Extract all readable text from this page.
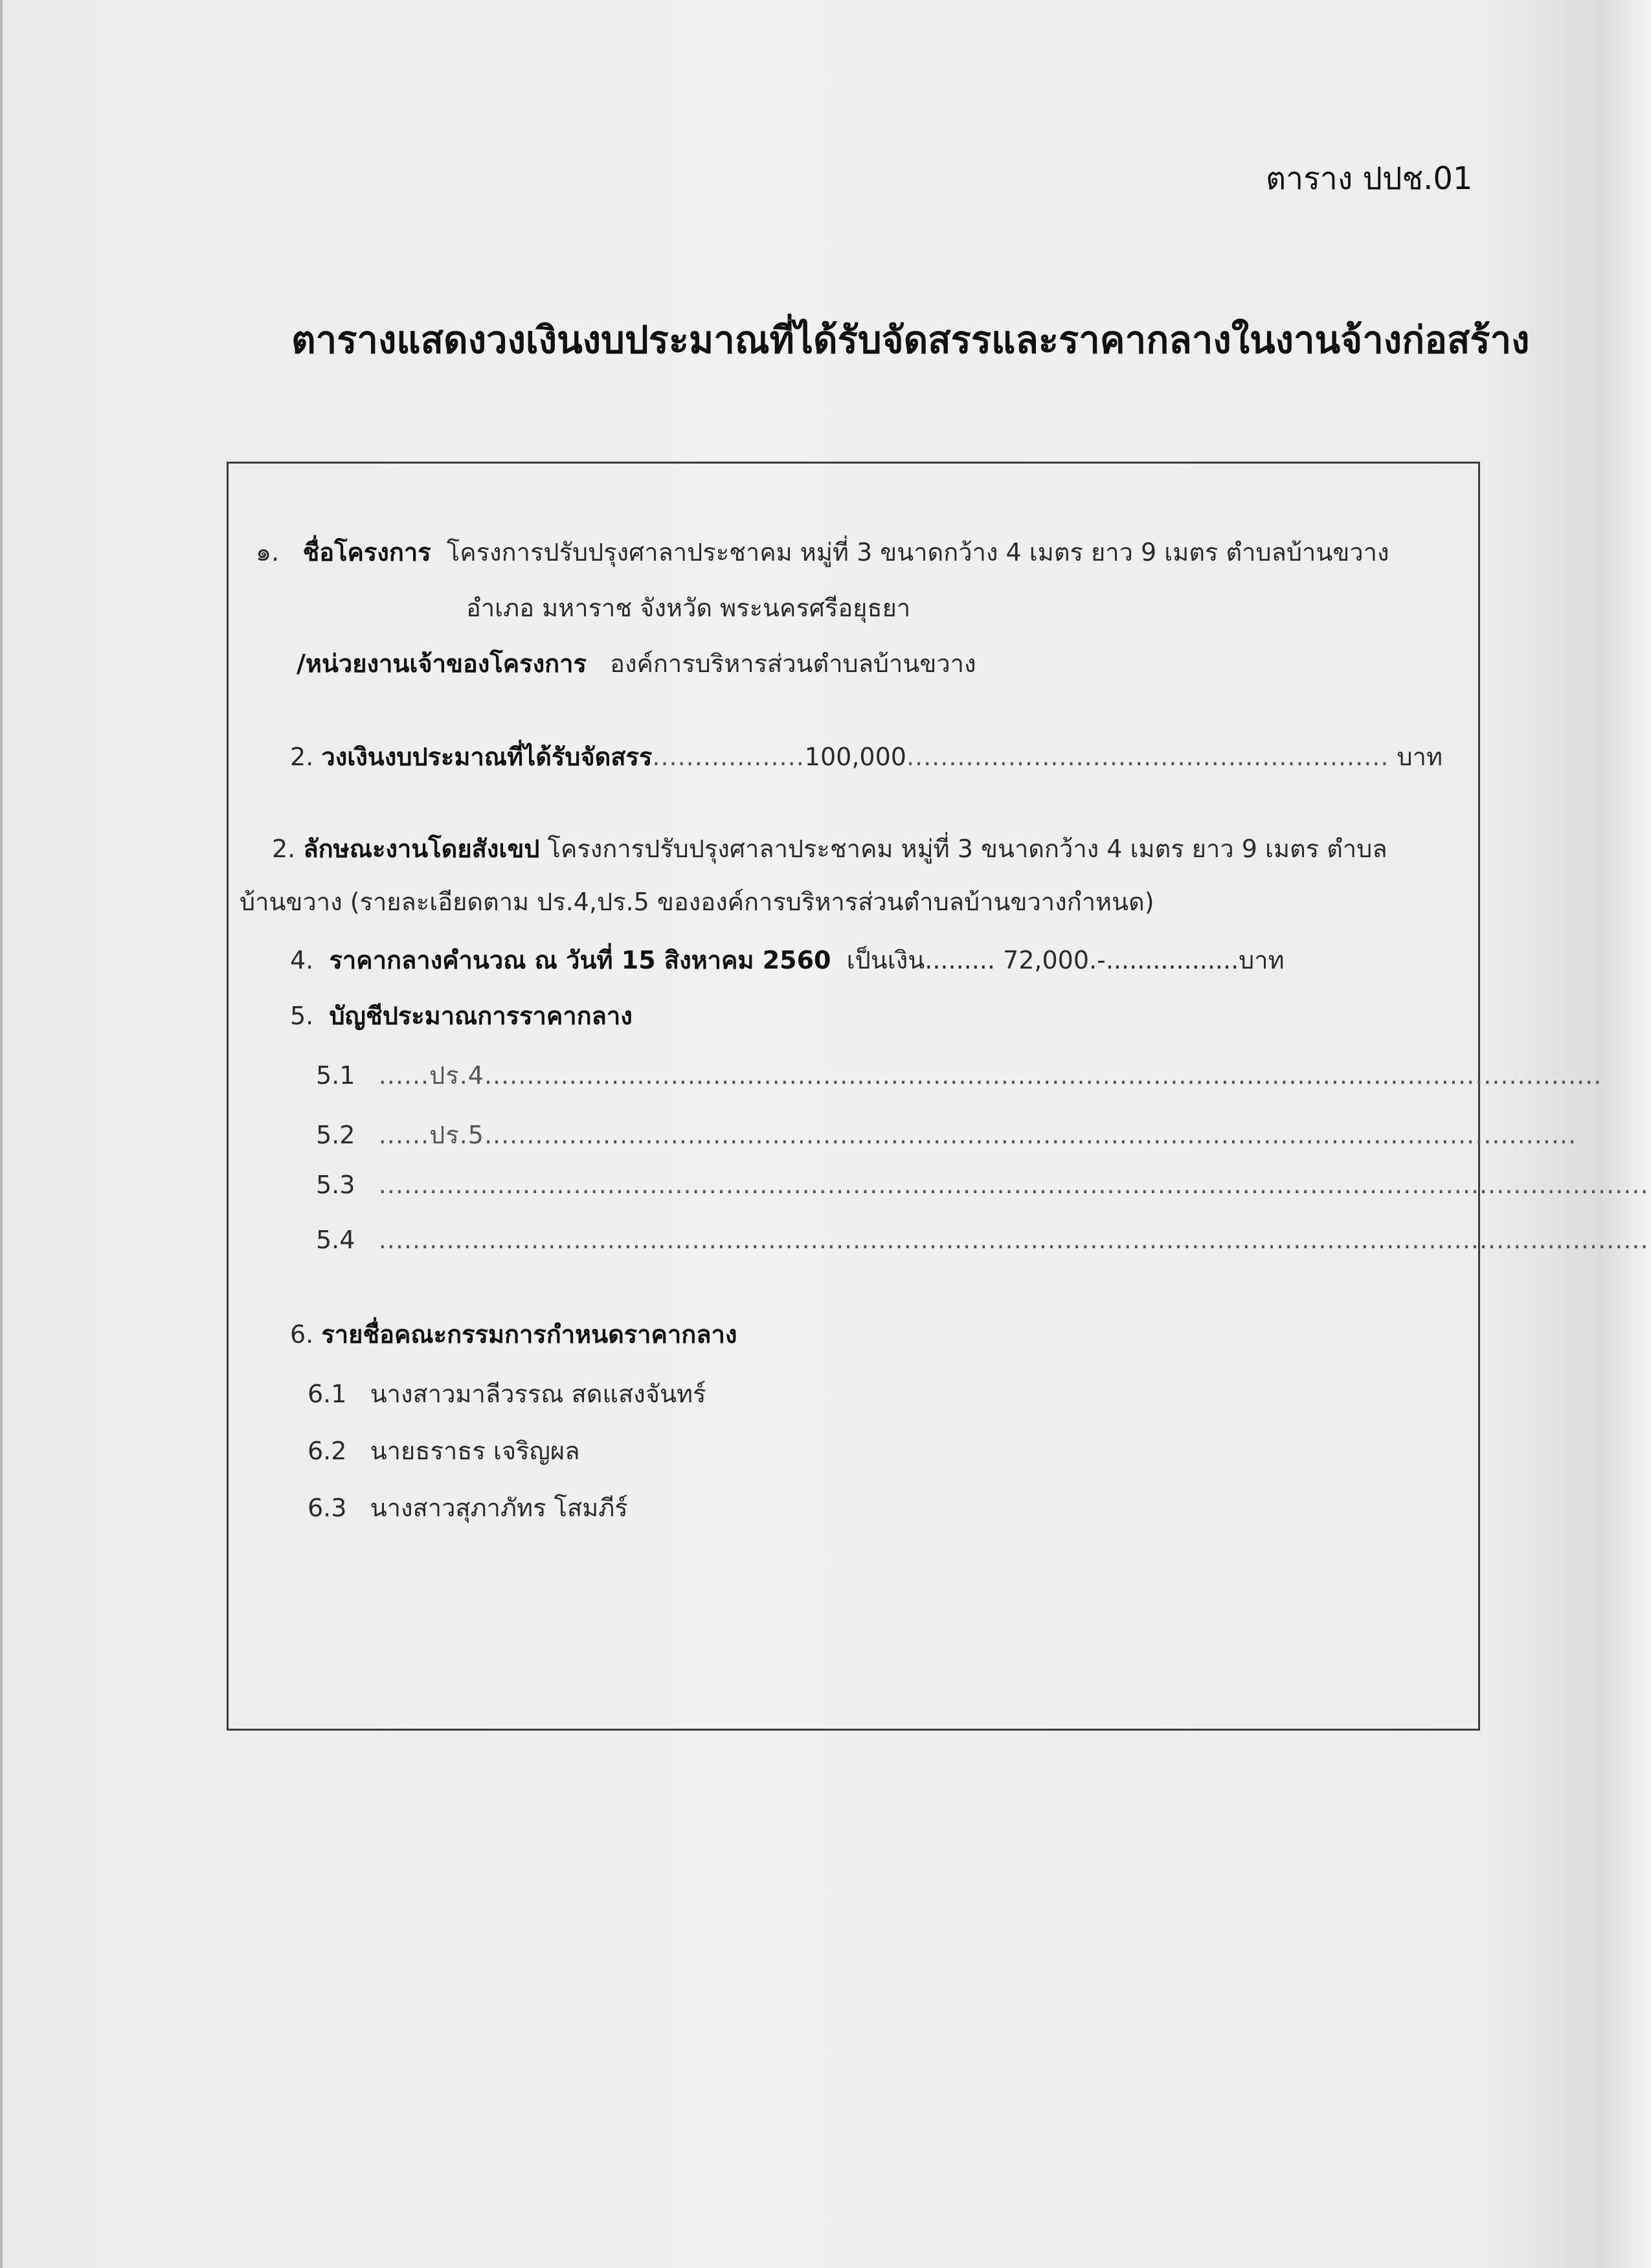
ตาราง ปปช.01
ตารางแสดงวงเงินงบประมาณที่ได้รับจัดสรรและราคากลางในงานจ้างก่อสร้าง
๑. ชื่อโครงการ โครงการปรับปรุงศาลาประชาคม หมู่ที่ 3 ขนาดกว้าง 4 เมตร ยาว 9 เมตร ตำบลบ้านขวาง
อำเภอ มหาราช จังหวัด พระนครศรีอยุธยา
/หน่วยงานเจ้าของโครงการ องค์การบริหารส่วนตำบลบ้านขวาง
2. วงเงินงบประมาณที่ได้รับจัดสรร..................100,000......................................................... บาท
2. ลักษณะงานโดยสังเขป โครงการปรับปรุงศาลาประชาคม หมู่ที่ 3 ขนาดกว้าง 4 เมตร ยาว 9 เมตร ตำบล
บ้านขวาง (รายละเอียดตาม ปร.4,ปร.5 ขององค์การบริหารส่วนตำบลบ้านขวางกำหนด)
4. ราคากลางคำนวณ ณ วันที่ 15 สิงหาคม 2560 เป็นเงิน......... 72,000.-.................บาท
5. บัญชีประมาณการราคากลาง
5.1 ......ปร.4....................................................................................................................................
5.2 ......ปร.5.................................................................................................................................
5.3 ......................................................................................................................................................
5.4 ......................................................................................................................................................
6. รายชื่อคณะกรรมการกำหนดราคากลาง
6.1 นางสาวมาลีวรรณ สดแสงจันทร์
6.2 นายธราธร เจริญผล
6.3 นางสาวสุภาภัทร โสมภีร์
